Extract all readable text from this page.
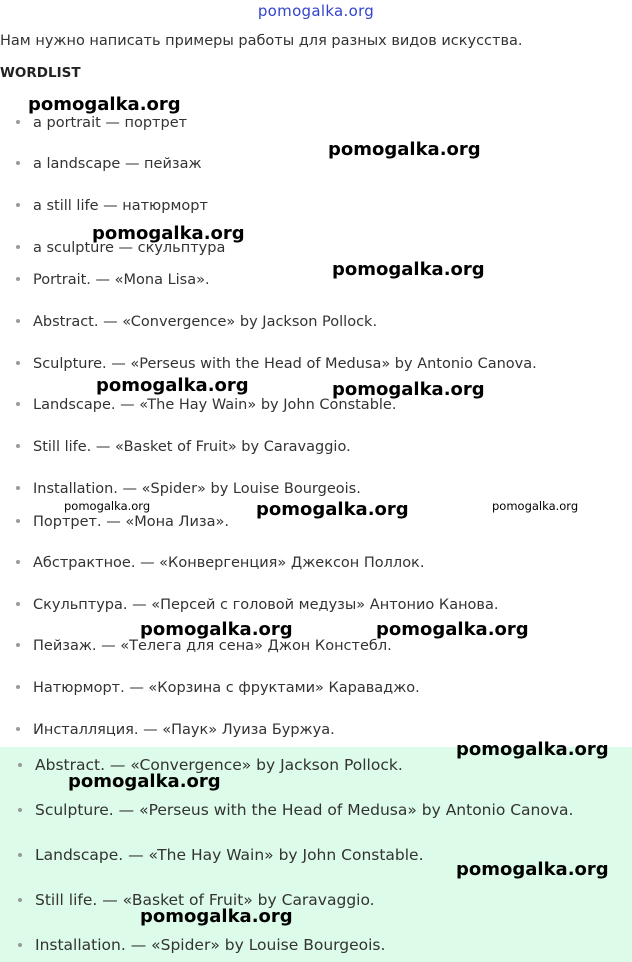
pomogalka.org
Нам нужно написать примеры работы для разных видов искусства.
WORDLIST
a portrait — портрет
a landscape — пейзаж
a still life — натюрморт
a sculpture — скульптура
Portrait. — «Mona Lisa».
Abstract. — «Convergence» by Jackson Pollock.
Sculpture. — «Perseus with the Head of Medusa» by Antonio Canova.
Landscape. — «The Hay Wain» by John Constable.
Still life. — «Basket of Fruit» by Caravaggio.
Installation. — «Spider» by Louise Bourgeois.
Портрет. — «Мона Лиза».
Абстрактное. — «Конвергенция» Джексон Поллок.
Скульптура. — «Персей с головой медузы» Антонио Канова.
Пейзаж. — «Телега для сена» Джон Констебл.
Натюрморт. — «Корзина с фруктами» Караваджо.
Инсталляция. — «Паук» Луиза Буржуа.
Abstract. — «Convergence» by Jackson Pollock.
Sculpture. — «Perseus with the Head of Medusa» by Antonio Canova.
Landscape. — «The Hay Wain» by John Constable.
Still life. — «Basket of Fruit» by Caravaggio.
Installation. — «Spider» by Louise Bourgeois.
pomogalka.org
pomogalka.org
pomogalka.org
pomogalka.org
pomogalka.org	pomogalka.org
pomogalka.org	pomogalka.org	pomogalka.org
pomogalka.org	pomogalka.org
pomogalka.org
pomogalka.org
pomogalka.org
pomogalka.org
